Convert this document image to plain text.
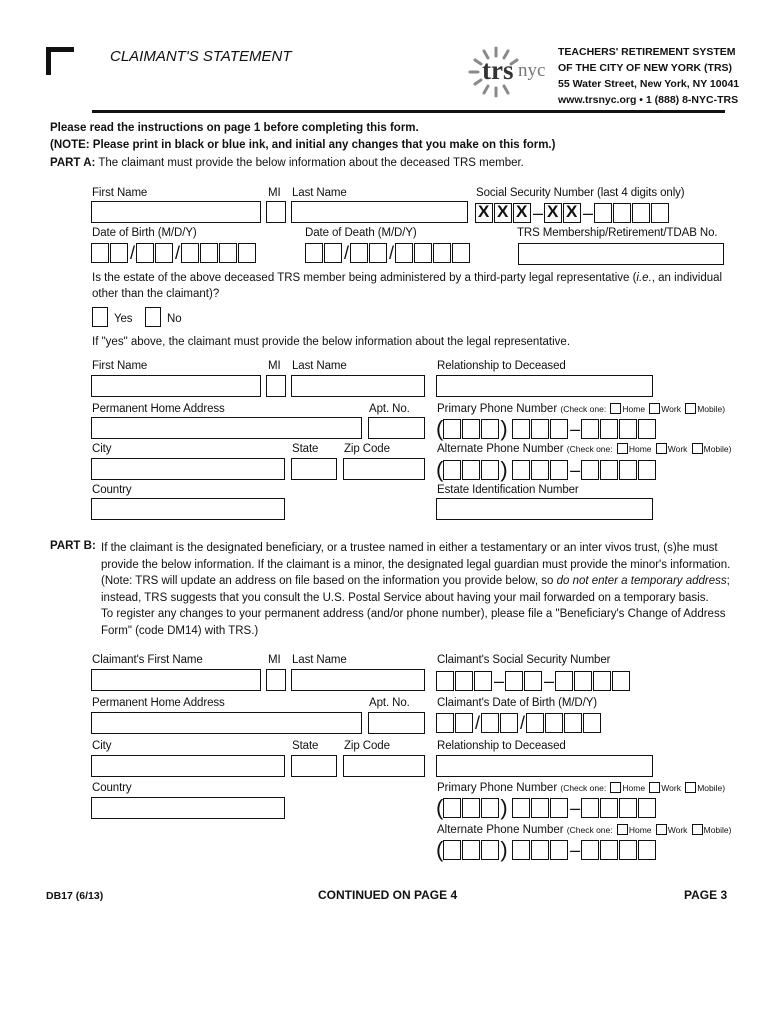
CLAIMANT'S STATEMENT	trs nyc
TEACHERS' RETIREMENT SYSTEM
OF THE CITY OF NEW YORK (TRS)
55 Water Street, New York, NY 10041
www.trsnyc.org • 1 (888) 8-NYC-TRS
Please read the instructions on page 1 before completing this form.
(NOTE: Please print in black or blue ink, and initial any changes that you make on this form.)
PART A: The claimant must provide the below information about the deceased TRS member.
First Name	MI Last Name	Social Security Number (last 4 digits only)
XXX– X X –
Date of Birth (M/D/Y)	Date of Death (M/D/Y)	TRS Membership/Retirement/TDAB No.
/ /	/ /
Is the estate of the above deceased TRS member being administered by a third-party legal representative (i.e., an individual
other than the claimant)?
Yes	No
If "yes" above, the claimant must provide the below information about the legal representative.
First Name	MI Last Name	Relationship to Deceased
Permanent Home Address	Apt. No. Primary Phone Number (Check one: Home Work Mobile)
(	)	–
City	State Zip Code	Alternate Phone Number (Check one: Home Work Mobile)
(	)	–
Country	Estate Identification Number
PART B: If the claimant is the designated beneficiary, or a trustee named in either a testamentary or an inter vivos trust, (s)he must
provide the below information. If the claimant is a minor, the designated legal guardian must provide the minor's information.
(Note: TRS will update an address on file based on the information you provide below, so do not enter a temporary address;
instead, TRS suggests that you consult the U.S. Postal Service about having your mail forwarded on a temporary basis.
To register any changes to your permanent address (and/or phone number), please file a "Beneficiary's Change of Address
Form" (code DM14) with TRS.)
Claimant's First Name	MI Last Name	Claimant's Social Security Number
– –
Permanent Home Address	Apt. No. Claimant's Date of Birth (M/D/Y)
/ /
City	State Zip Code	Relationship to Deceased
Country	Primary Phone Number (Check one: Home Work Mobile)
(	)	–
Alternate Phone Number (Check one: Home Work Mobile)
(	)	–
DB17 (6/13)	CONTINUED ON PAGE 4	PAGE 3
